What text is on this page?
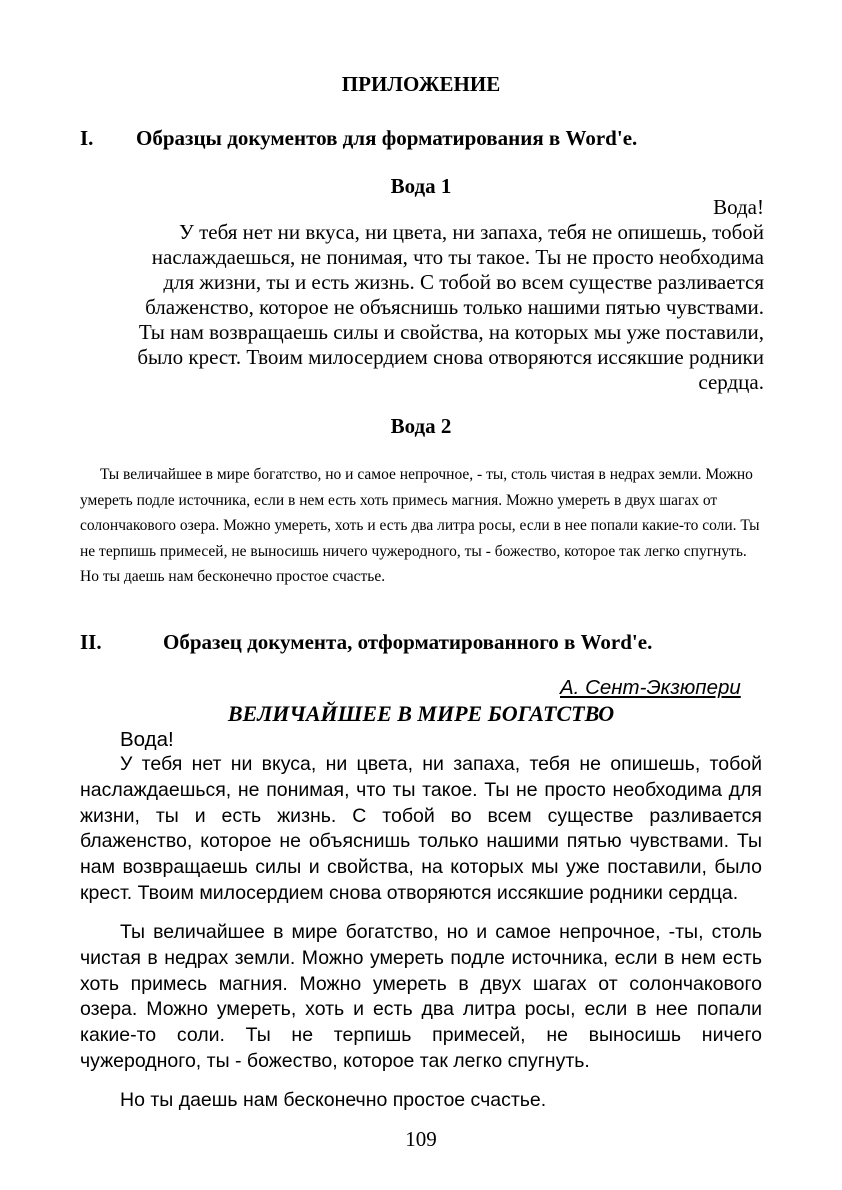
ПРИЛОЖЕНИЕ
I. Образцы документов для форматирования в Word'е.
Вода 1
Вода!
У тебя нет ни вкуса, ни цвета, ни запаха, тебя не опишешь, тобой
наслаждаешься, не понимая, что ты такое. Ты не просто необходима
для жизни, ты и есть жизнь. С тобой во всем существе разливается
блаженство, которое не объяснишь только нашими пятью чувствами.
Ты нам возвращаешь силы и свойства, на которых мы уже поставили,
было крест. Твоим милосердием снова отворяются иссякшие родники
сердца.
Вода 2

Ты величайшее в мире богатство, но и самое непрочное, - ты, столь чистая в недрах земли. Можно умереть подле источника, если в нем есть хоть примесь магния. Можно умереть в двух шагах от солончакового озера. Можно умереть, хоть и есть два литра росы, если в нее попали какие-то соли. Ты не терпишь примесей, не выносишь ничего чужеродного, ты - божество, которое так легко спугнуть. Но ты даешь нам бесконечно простое счастье.

II.	Образец документа, отформатированного в Word'е.
А. Сент-Экзюпери
ВЕЛИЧАЙШЕЕ В МИРЕ БОГАТСТВО
Вода!

У тебя нет ни вкуса, ни цвета, ни запаха, тебя не опишешь, тобой наслаждаешься, не понимая, что ты такое. Ты не просто необходима для жизни, ты и есть жизнь. С тобой во всем существе разливается блаженство, которое не объяснишь только нашими пятью чувствами. Ты нам возвращаешь силы и свойства, на которых мы уже поставили, было крест. Твоим милосердием снова отворяются иссякшие родники сердца.

Ты величайшее в мире богатство, но и самое непрочное, -ты, столь чистая в недрах земли. Можно умереть подле источника, если в нем есть хоть примесь магния. Можно умереть в двух шагах от солончакового озера. Можно умереть, хоть и есть два литра росы, если в нее попали какие-то соли. Ты не терпишь примесей, не выносишь ничего чужеродного, ты - божество, которое так легко спугнуть.

Но ты даешь нам бесконечно простое счастье.

109
